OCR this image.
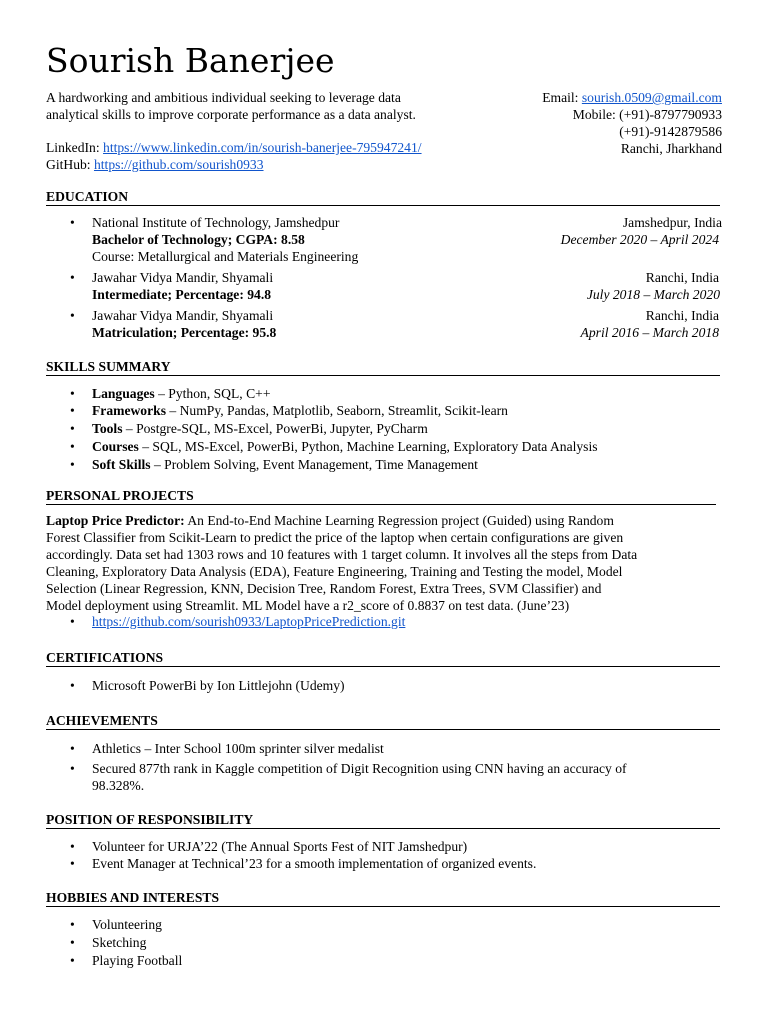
Sourish Banerjee
A hardworking and ambitious individual seeking to leverage data
analytical skills to improve corporate performance as a data analyst.
LinkedIn: https://www.linkedin.com/in/sourish-banerjee-795947241/
GitHub: https://github.com/sourish0933
Email: sourish.0509@gmail.com
Mobile: (+91)-8797790933
(+91)-9142879586
Ranchi, Jharkhand
EDUCATION
•
National Institute of Technology, Jamshedpur
Bachelor of Technology; CGPA: 8.58
Course: Metallurgical and Materials Engineering
Jamshedpur, India
December 2020 – April 2024
•
Jawahar Vidya Mandir, Shyamali
Intermediate; Percentage: 94.8
Ranchi, India
July 2018 – March 2020
•
Jawahar Vidya Mandir, Shyamali
Matriculation; Percentage: 95.8
Ranchi, India
April 2016 – March 2018
SKILLS SUMMARY
•
Languages – Python, SQL, C++
•
Frameworks – NumPy, Pandas, Matplotlib, Seaborn, Streamlit, Scikit-learn
•
Tools – Postgre-SQL, MS-Excel, PowerBi, Jupyter, PyCharm
•
Courses – SQL, MS-Excel, PowerBi, Python, Machine Learning, Exploratory Data Analysis
•
Soft Skills – Problem Solving, Event Management, Time Management
PERSONAL PROJECTS
Laptop Price Predictor: An End-to-End Machine Learning Regression project (Guided) using Random
Forest Classifier from Scikit-Learn to predict the price of the laptop when certain configurations are given
accordingly. Data set had 1303 rows and 10 features with 1 target column. It involves all the steps from Data
Cleaning, Exploratory Data Analysis (EDA), Feature Engineering, Training and Testing the model, Model
Selection (Linear Regression, KNN, Decision Tree, Random Forest, Extra Trees, SVM Classifier) and
Model deployment using Streamlit. ML Model have a r2_score of 0.8837 on test data. (June’23)
•
https://github.com/sourish0933/LaptopPricePrediction.git
CERTIFICATIONS
•
Microsoft PowerBi by Ion Littlejohn (Udemy)
ACHIEVEMENTS
•
Athletics – Inter School 100m sprinter silver medalist
•
Secured 877th rank in Kaggle competition of Digit Recognition using CNN having an accuracy of
98.328%.
POSITION OF RESPONSIBILITY
•
Volunteer for URJA’22 (The Annual Sports Fest of NIT Jamshedpur)
•
Event Manager at Technical’23 for a smooth implementation of organized events.
HOBBIES AND INTERESTS
•
Volunteering
•
Sketching
•
Playing Football
